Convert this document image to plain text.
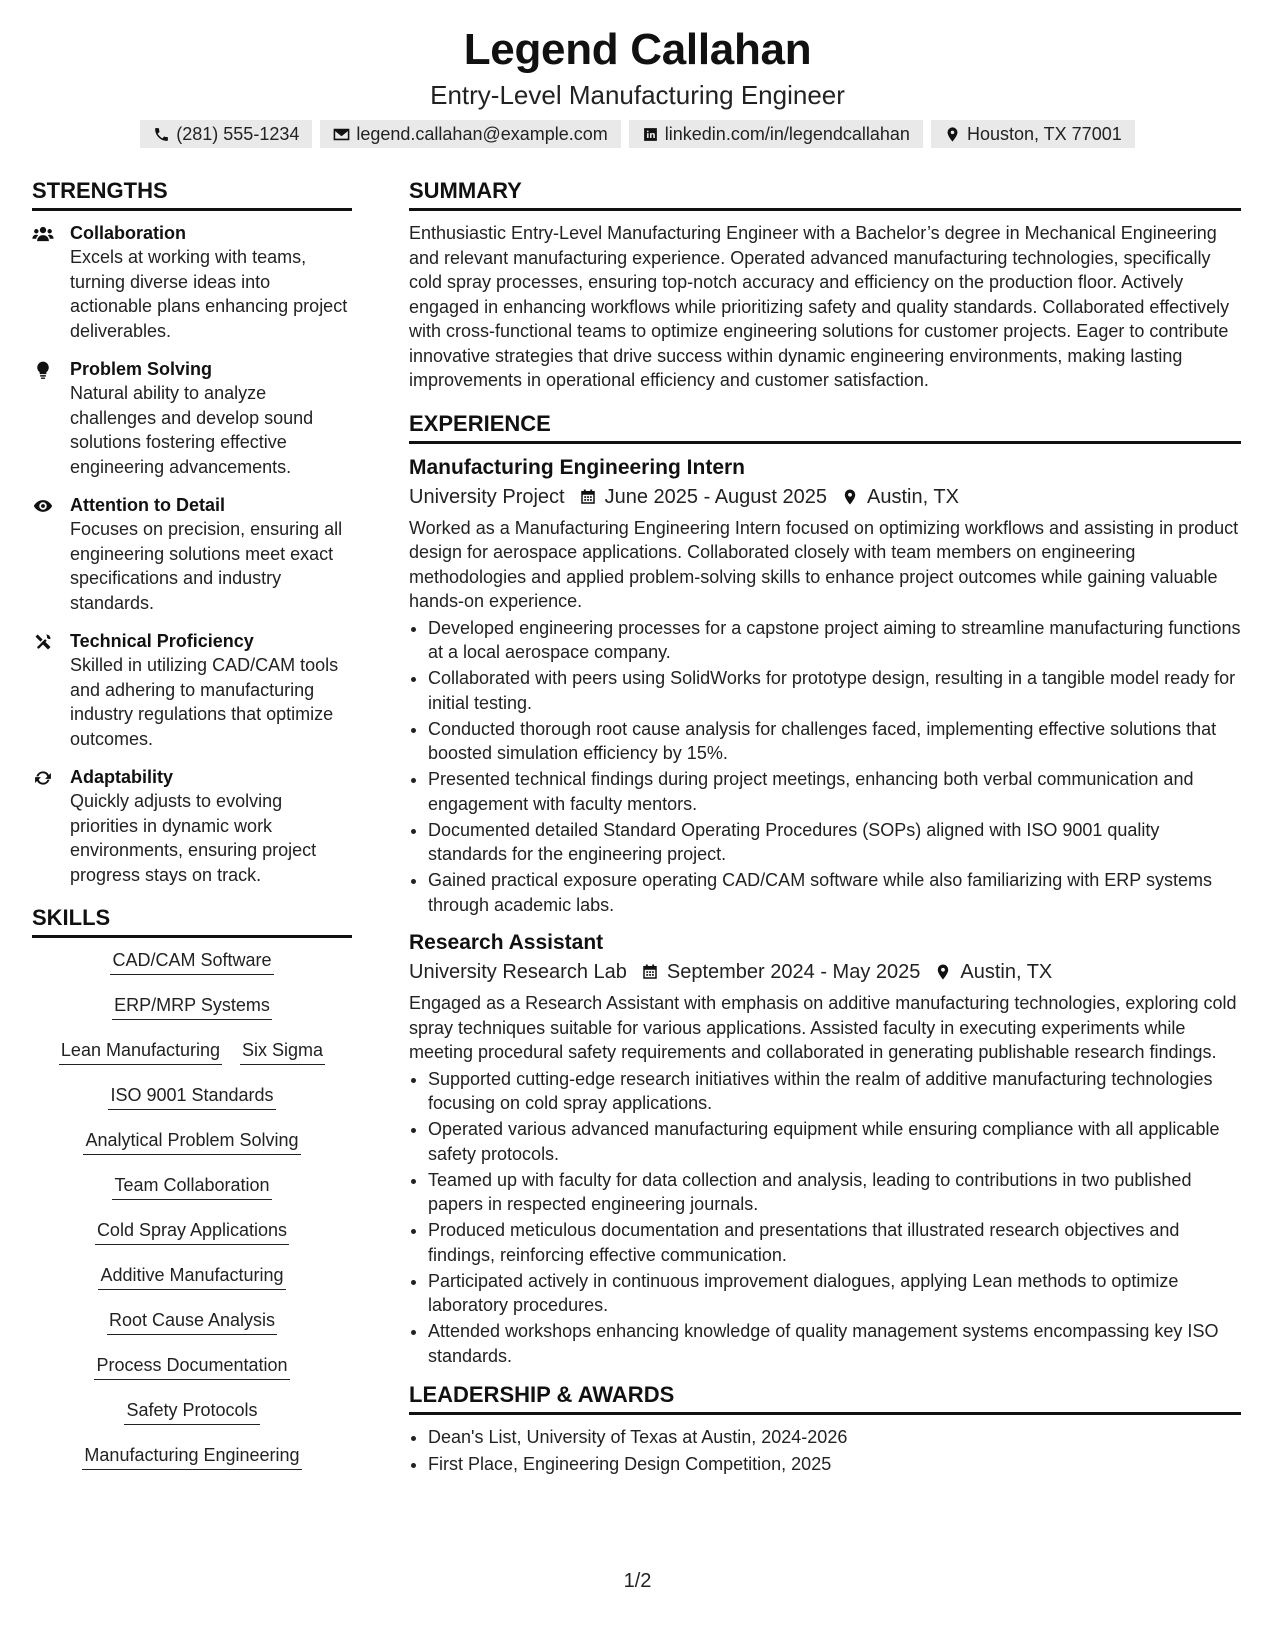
Legend Callahan
Entry-Level Manufacturing Engineer
(281) 555-1234	legend.callahan@example.com	linkedin.com/in/legendcallahan	Houston, TX 77001
STRENGTHS
Collaboration
Excels at working with teams, turning diverse ideas into actionable plans enhancing project deliverables.
Problem Solving
Natural ability to analyze challenges and develop sound solutions fostering effective engineering advancements.
Attention to Detail
Focuses on precision, ensuring all engineering solutions meet exact specifications and industry standards.
Technical Proficiency
Skilled in utilizing CAD/CAM tools and adhering to manufacturing industry regulations that optimize outcomes.
Adaptability
Quickly adjusts to evolving priorities in dynamic work environments, ensuring project progress stays on track.
SKILLS
CAD/CAM Software
ERP/MRP Systems
Lean Manufacturing Six Sigma
ISO 9001 Standards
Analytical Problem Solving
Team Collaboration
Cold Spray Applications
Additive Manufacturing
Root Cause Analysis
Process Documentation
Safety Protocols
Manufacturing Engineering
SUMMARY
Enthusiastic Entry-Level Manufacturing Engineer with a Bachelor’s degree in Mechanical Engineering and relevant manufacturing experience. Operated advanced manufacturing technologies, specifically cold spray processes, ensuring top-notch accuracy and efficiency on the production floor. Actively engaged in enhancing workflows while prioritizing safety and quality standards. Collaborated effectively with cross-functional teams to optimize engineering solutions for customer projects. Eager to contribute innovative strategies that drive success within dynamic engineering environments, making lasting improvements in operational efficiency and customer satisfaction.
EXPERIENCE
Manufacturing Engineering Intern
University Project June 2025 - August 2025 Austin, TX
Worked as a Manufacturing Engineering Intern focused on optimizing workflows and assisting in product design for aerospace applications. Collaborated closely with team members on engineering methodologies and applied problem-solving skills to enhance project outcomes while gaining valuable hands-on experience.
• Developed engineering processes for a capstone project aiming to streamline manufacturing functions at a local aerospace company.
• Collaborated with peers using SolidWorks for prototype design, resulting in a tangible model ready for initial testing.
• Conducted thorough root cause analysis for challenges faced, implementing effective solutions that boosted simulation efficiency by 15%.
• Presented technical findings during project meetings, enhancing both verbal communication and engagement with faculty mentors.
• Documented detailed Standard Operating Procedures (SOPs) aligned with ISO 9001 quality standards for the engineering project.
• Gained practical exposure operating CAD/CAM software while also familiarizing with ERP systems through academic labs.
Research Assistant
University Research Lab September 2024 - May 2025 Austin, TX
Engaged as a Research Assistant with emphasis on additive manufacturing technologies, exploring cold spray techniques suitable for various applications. Assisted faculty in executing experiments while meeting procedural safety requirements and collaborated in generating publishable research findings.
• Supported cutting-edge research initiatives within the realm of additive manufacturing technologies focusing on cold spray applications.
• Operated various advanced manufacturing equipment while ensuring compliance with all applicable safety protocols.
• Teamed up with faculty for data collection and analysis, leading to contributions in two published papers in respected engineering journals.
• Produced meticulous documentation and presentations that illustrated research objectives and findings, reinforcing effective communication.
• Participated actively in continuous improvement dialogues, applying Lean methods to optimize laboratory procedures.
• Attended workshops enhancing knowledge of quality management systems encompassing key ISO standards.
LEADERSHIP & AWARDS
• Dean's List, University of Texas at Austin, 2024-2026
• First Place, Engineering Design Competition, 2025
1/2
